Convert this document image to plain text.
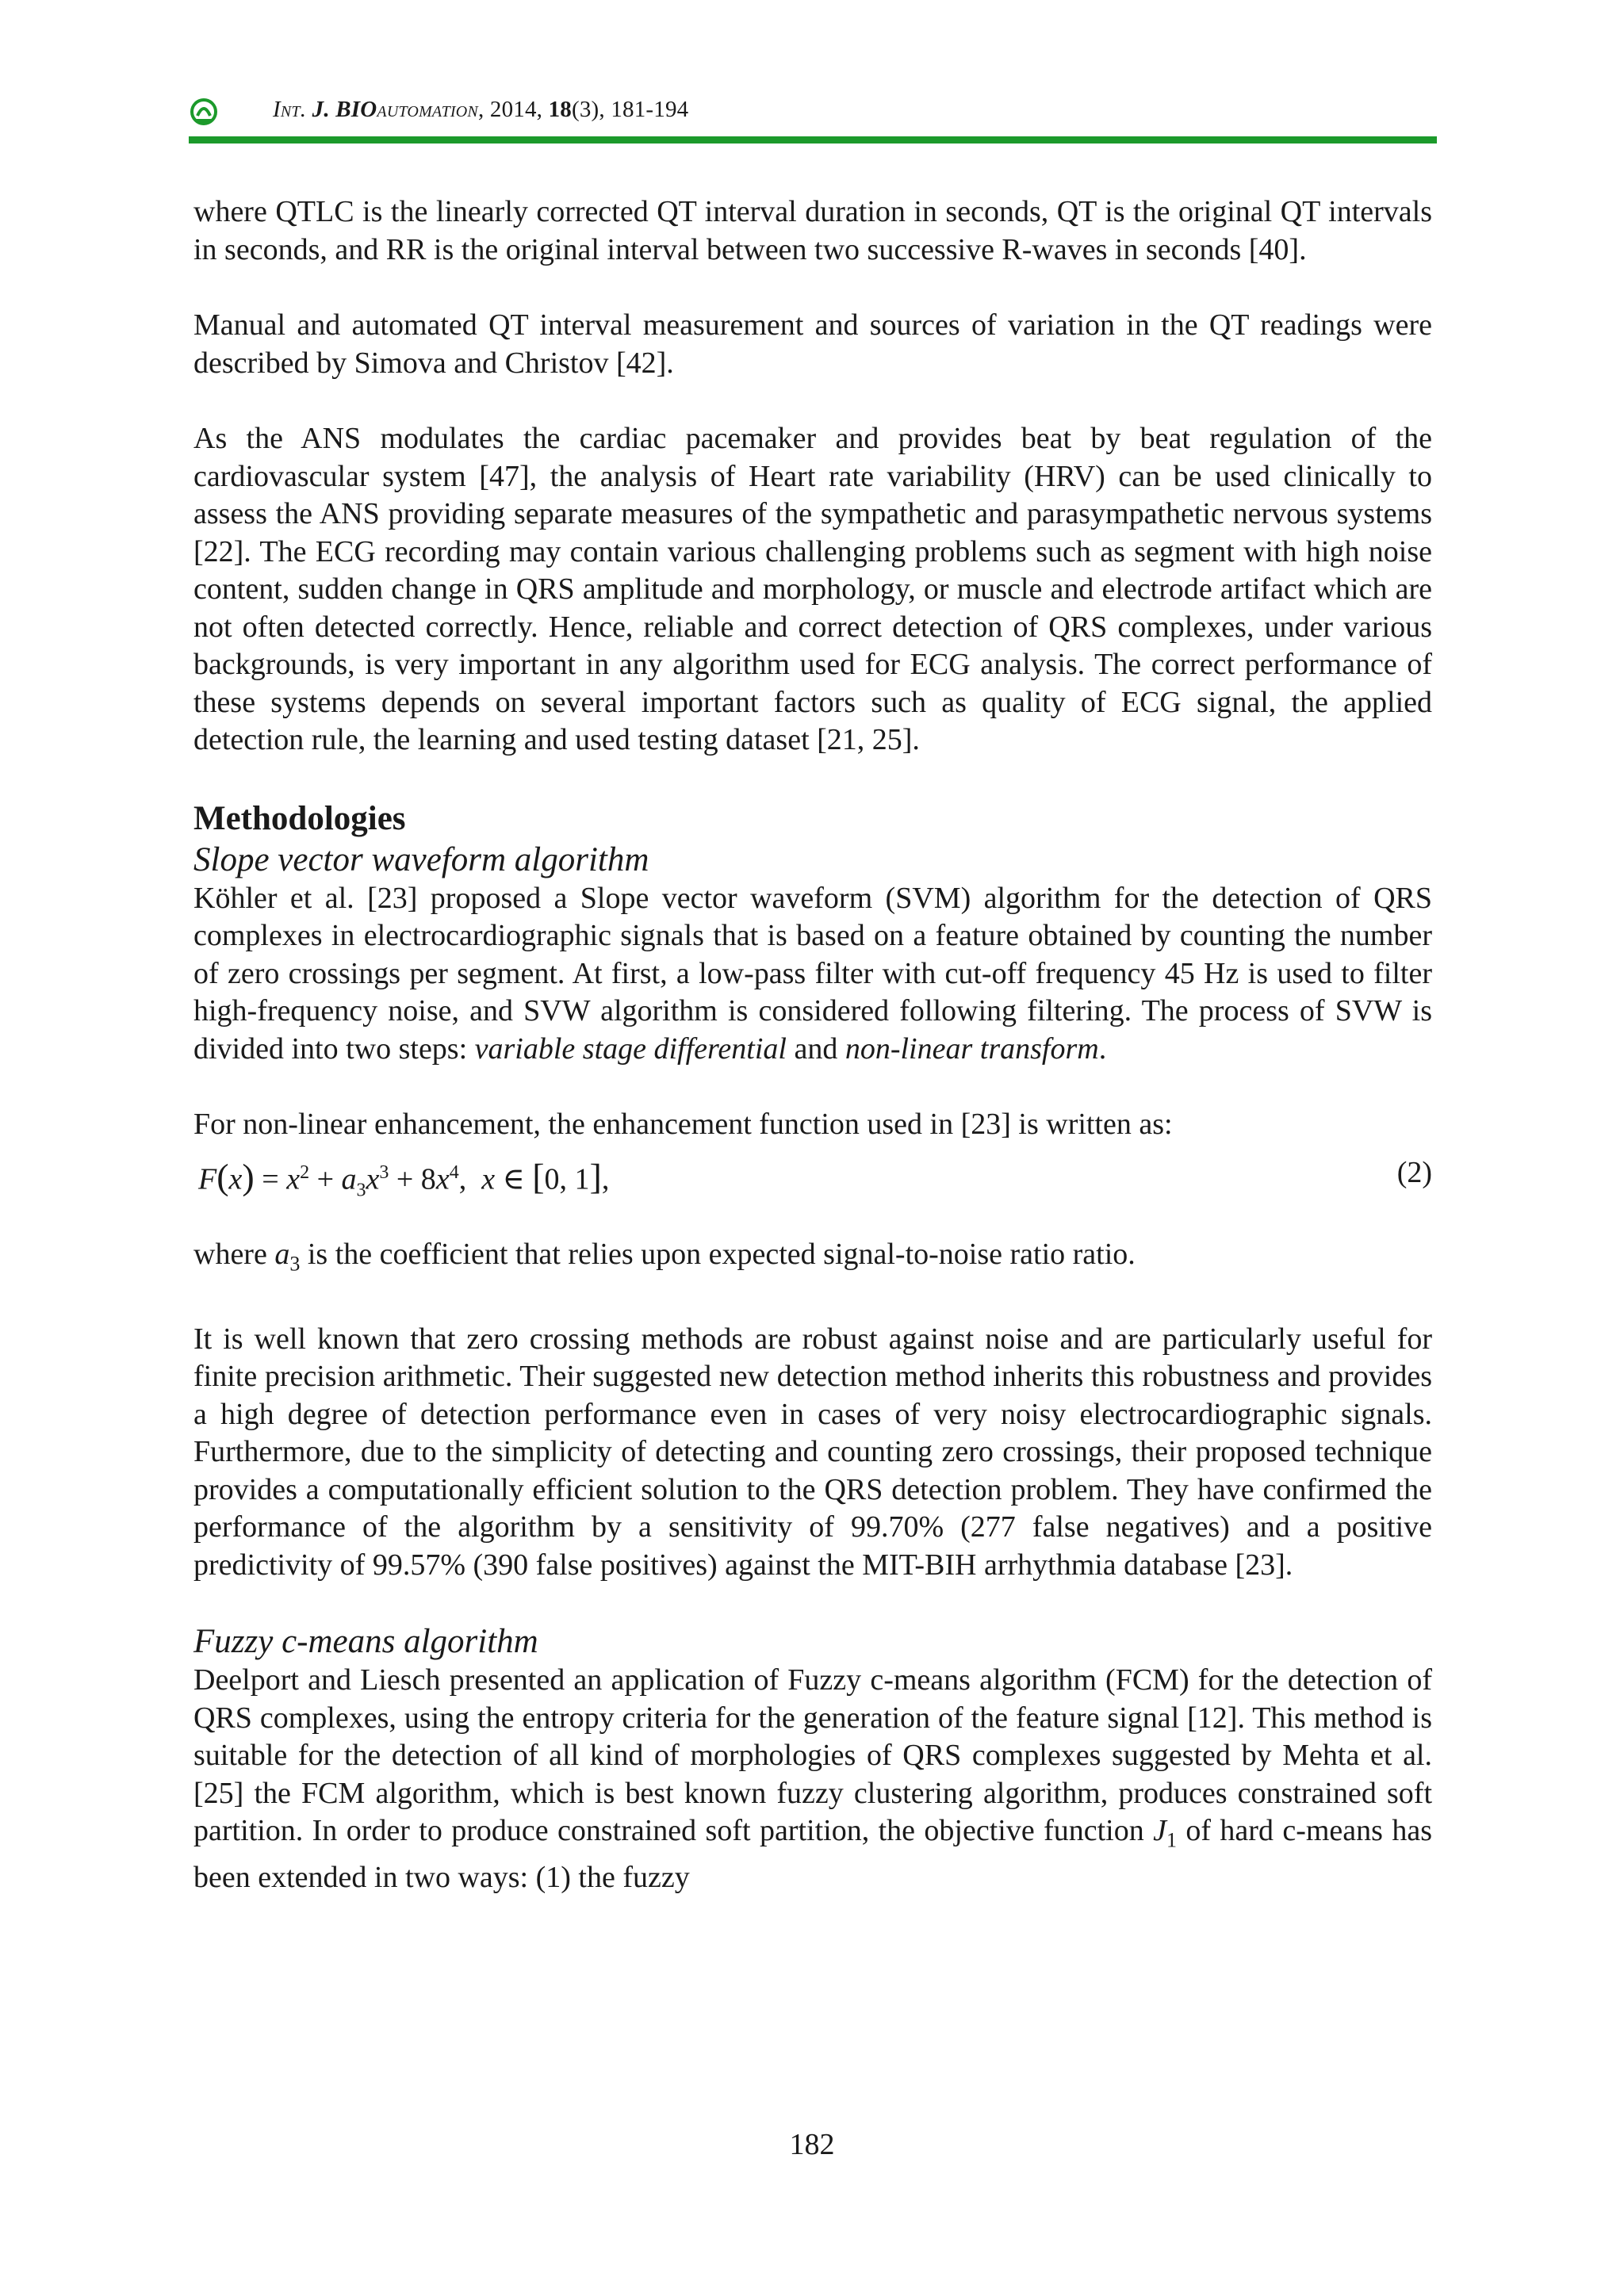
Int. J. BIOautomation, 2014, 18(3), 181-194

where QTLC is the linearly corrected QT interval duration in seconds, QT is the original QT intervals in seconds, and RR is the original interval between two successive R-waves in seconds [40].

Manual and automated QT interval measurement and sources of variation in the QT readings were described by Simova and Christov [42].

As the ANS modulates the cardiac pacemaker and provides beat by beat regulation of the cardiovascular system [47], the analysis of Heart rate variability (HRV) can be used clinically to assess the ANS providing separate measures of the sympathetic and parasympathetic nervous systems [22]. The ECG recording may contain various challenging problems such as segment with high noise content, sudden change in QRS amplitude and morphology, or muscle and electrode artifact which are not often detected correctly. Hence, reliable and correct detection of QRS complexes, under various backgrounds, is very important in any algorithm used for ECG analysis. The correct performance of these systems depends on several important factors such as quality of ECG signal, the applied detection rule, the learning and used testing dataset [21, 25].

Methodologies
Slope vector waveform algorithm

Köhler et al. [23] proposed a Slope vector waveform (SVM) algorithm for the detection of QRS complexes in electrocardiographic signals that is based on a feature obtained by counting the number of zero crossings per segment. At first, a low-pass filter with cut-off frequency 45 Hz is used to filter high-frequency noise, and SVW algorithm is considered following filtering. The process of SVW is divided into two steps: variable stage differential and non-linear transform.

For non-linear enhancement, the enhancement function used in [23] is written as:

$F(x) = x^2 + a_3x^3 + 8x^4$,  x ∈ [0, 1],	(2)

where $a_3$ is the coefficient that relies upon expected signal-to-noise ratio ratio.

It is well known that zero crossing methods are robust against noise and are particularly useful for finite precision arithmetic. Their suggested new detection method inherits this robustness and provides a high degree of detection performance even in cases of very noisy electrocardiographic signals. Furthermore, due to the simplicity of detecting and counting zero crossings, their proposed technique provides a computationally efficient solution to the QRS detection problem. They have confirmed the performance of the algorithm by a sensitivity of 99.70% (277 false negatives) and a positive predictivity of 99.57% (390 false positives) against the MIT-BIH arrhythmia database [23].

Fuzzy c-means algorithm

Deelport and Liesch presented an application of Fuzzy c-means algorithm (FCM) for the detection of QRS complexes, using the entropy criteria for the generation of the feature signal [12]. This method is suitable for the detection of all kind of morphologies of QRS complexes suggested by Mehta et al. [25] the FCM algorithm, which is best known fuzzy clustering algorithm, produces constrained soft partition. In order to produce constrained soft partition, the objective function $J_1$ of hard c-means has been extended in two ways: (1) the fuzzy

182
